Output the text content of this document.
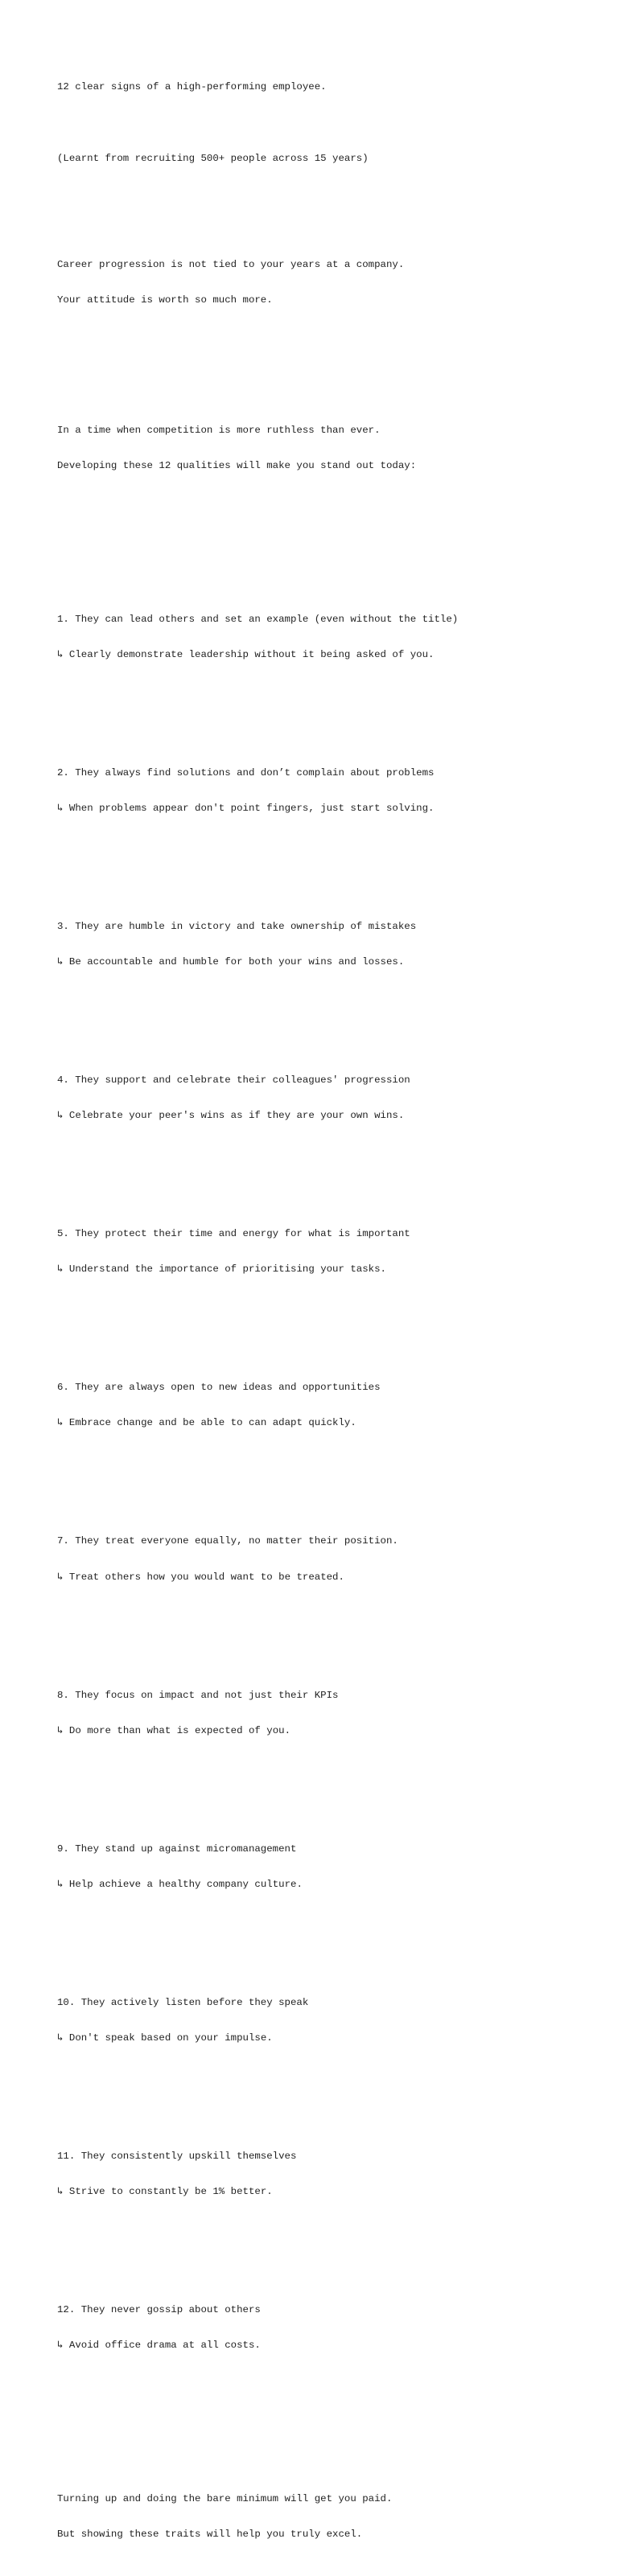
12 clear signs of a high-performing employee.

(Learnt from recruiting 500+ people across 15 years)

Career progression is not tied to your years at a company.

Your attitude is worth so much more.

In a time when competition is more ruthless than ever.

Developing these 12 qualities will make you stand out today:

1. They can lead others and set an example (even without the title)

↳ Clearly demonstrate leadership without it being asked of you.

2. They always find solutions and don’t complain about problems

↳ When problems appear don't point fingers, just start solving.

3. They are humble in victory and take ownership of mistakes

↳ Be accountable and humble for both your wins and losses.

4. They support and celebrate their colleagues' progression

↳ Celebrate your peer's wins as if they are your own wins.

5. They protect their time and energy for what is important

↳ Understand the importance of prioritising your tasks.

6. They are always open to new ideas and opportunities

↳ Embrace change and be able to can adapt quickly.

7. They treat everyone equally, no matter their position.

↳ Treat others how you would want to be treated.

8. They focus on impact and not just their KPIs

↳ Do more than what is expected of you.

9. They stand up against micromanagement

↳ Help achieve a healthy company culture.

10. They actively listen before they speak

↳ Don't speak based on your impulse.

11. They consistently upskill themselves

↳ Strive to constantly be 1% better.

12. They never gossip about others

↳ Avoid office drama at all costs.

Turning up and doing the bare minimum will get you paid.

But showing these traits will help you truly excel.
